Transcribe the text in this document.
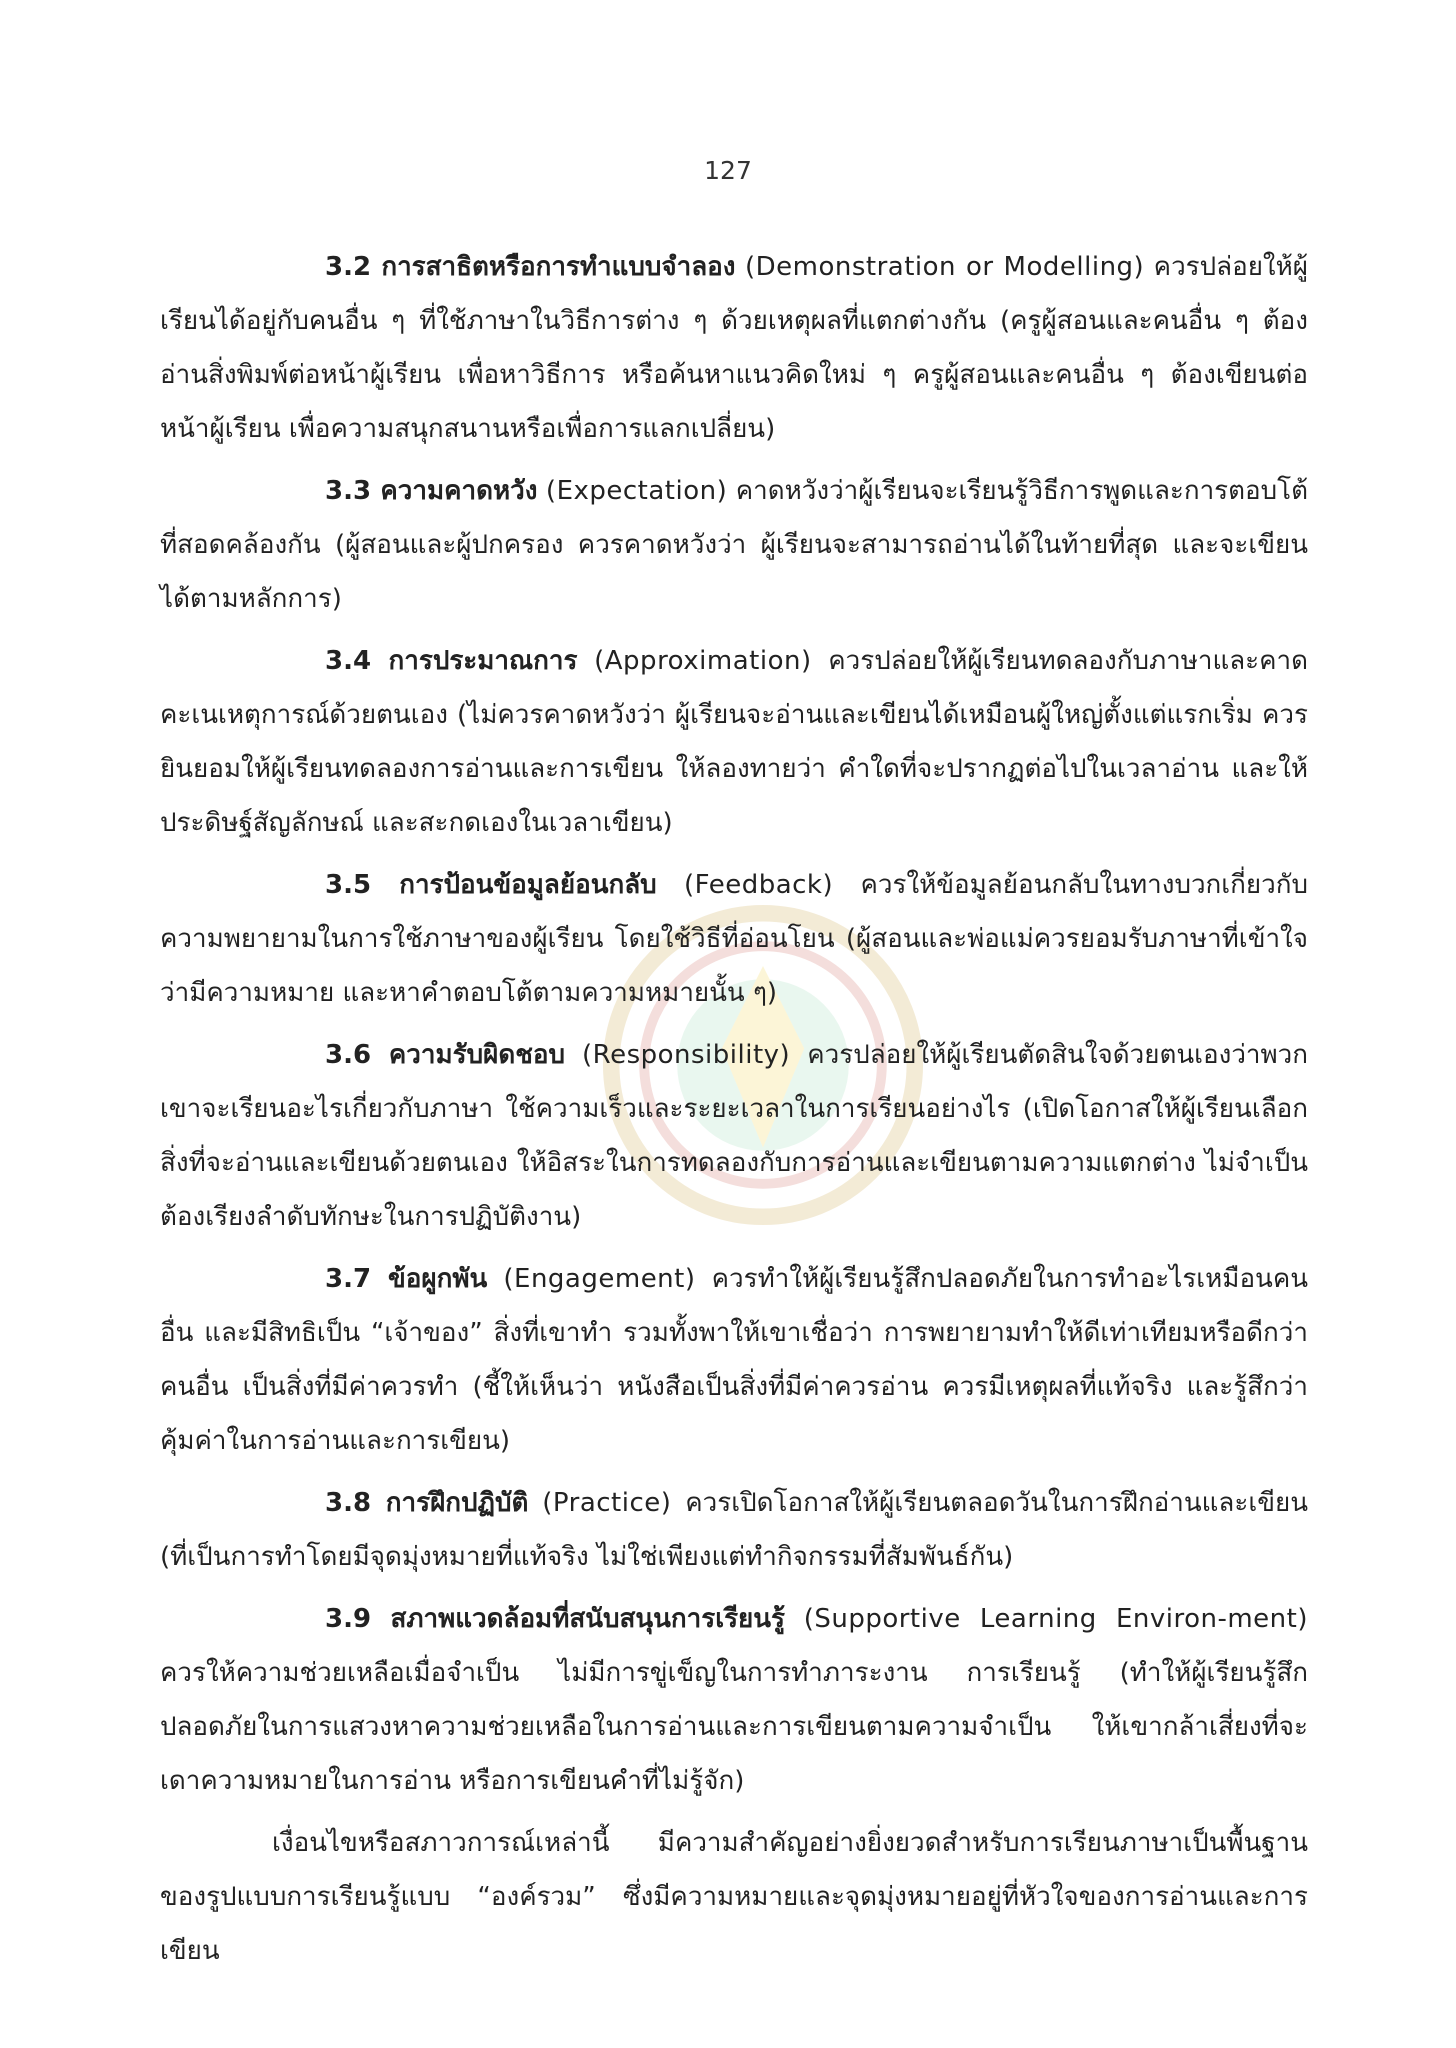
127

3.2 การสาธิตหรือการทำแบบจำลอง (Demonstration or Modelling) ควรปล่อยให้ผู้เรียนได้อยู่กับคนอื่น ๆ ที่ใช้ภาษาในวิธีการต่าง ๆ ด้วยเหตุผลที่แตกต่างกัน (ครูผู้สอนและคนอื่น ๆ ต้องอ่านสิ่งพิมพ์ต่อหน้าผู้เรียน เพื่อหาวิธีการ หรือค้นหาแนวคิดใหม่ ๆ ครูผู้สอนและคนอื่น ๆ ต้องเขียนต่อหน้าผู้เรียน เพื่อความสนุกสนานหรือเพื่อการแลกเปลี่ยน)

3.3 ความคาดหวัง (Expectation) คาดหวังว่าผู้เรียนจะเรียนรู้วิธีการพูดและการตอบโต้ที่สอดคล้องกัน (ผู้สอนและผู้ปกครอง ควรคาดหวังว่า ผู้เรียนจะสามารถอ่านได้ในท้ายที่สุด และจะเขียนได้ตามหลักการ)

3.4 การประมาณการ (Approximation) ควรปล่อยให้ผู้เรียนทดลองกับภาษาและคาดคะเนเหตุการณ์ด้วยตนเอง (ไม่ควรคาดหวังว่า ผู้เรียนจะอ่านและเขียนได้เหมือนผู้ใหญ่ตั้งแต่แรกเริ่ม ควรยินยอมให้ผู้เรียนทดลองการอ่านและการเขียน ให้ลองทายว่า คำใดที่จะปรากฏต่อไปในเวลาอ่าน และให้ประดิษฐ์สัญลักษณ์ และสะกดเองในเวลาเขียน)

3.5 การป้อนข้อมูลย้อนกลับ (Feedback) ควรให้ข้อมูลย้อนกลับในทางบวกเกี่ยวกับความพยายามในการใช้ภาษาของผู้เรียน โดยใช้วิธีที่อ่อนโยน (ผู้สอนและพ่อแม่ควรยอมรับภาษาที่เข้าใจว่ามีความหมาย และหาคำตอบโต้ตามความหมายนั้น ๆ)

3.6 ความรับผิดชอบ (Responsibility) ควรปล่อยให้ผู้เรียนตัดสินใจด้วยตนเองว่าพวกเขาจะเรียนอะไรเกี่ยวกับภาษา ใช้ความเร็วและระยะเวลาในการเรียนอย่างไร (เปิดโอกาสให้ผู้เรียนเลือกสิ่งที่จะอ่านและเขียนด้วยตนเอง ให้อิสระในการทดลองกับการอ่านและเขียนตามความแตกต่าง ไม่จำเป็นต้องเรียงลำดับทักษะในการปฏิบัติงาน)

3.7 ข้อผูกพัน (Engagement) ควรทำให้ผู้เรียนรู้สึกปลอดภัยในการทำอะไรเหมือนคนอื่น และมีสิทธิเป็น “เจ้าของ” สิ่งที่เขาทำ รวมทั้งพาให้เขาเชื่อว่า การพยายามทำให้ดีเท่าเทียมหรือดีกว่าคนอื่น เป็นสิ่งที่มีค่าควรทำ (ชี้ให้เห็นว่า หนังสือเป็นสิ่งที่มีค่าควรอ่าน ควรมีเหตุผลที่แท้จริง และรู้สึกว่าคุ้มค่าในการอ่านและการเขียน)

3.8 การฝึกปฏิบัติ (Practice) ควรเปิดโอกาสให้ผู้เรียนตลอดวันในการฝึกอ่านและเขียน (ที่เป็นการทำโดยมีจุดมุ่งหมายที่แท้จริง ไม่ใช่เพียงแต่ทำกิจกรรมที่สัมพันธ์กัน)

3.9 สภาพแวดล้อมที่สนับสนุนการเรียนรู้ (Supportive Learning Environ-ment) ควรให้ความช่วยเหลือเมื่อจำเป็น ไม่มีการขู่เข็ญในการทำภาระงาน การเรียนรู้ (ทำให้ผู้เรียนรู้สึกปลอดภัยในการแสวงหาความช่วยเหลือในการอ่านและการเขียนตามความจำเป็น ให้เขากล้าเสี่ยงที่จะเดาความหมายในการอ่าน หรือการเขียนคำที่ไม่รู้จัก)

เงื่อนไขหรือสภาวการณ์เหล่านี้ มีความสำคัญอย่างยิ่งยวดสำหรับการเรียนภาษาเป็นพื้นฐานของรูปแบบการเรียนรู้แบบ “องค์รวม” ซึ่งมีความหมายและจุดมุ่งหมายอยู่ที่หัวใจของการอ่านและการเขียน
